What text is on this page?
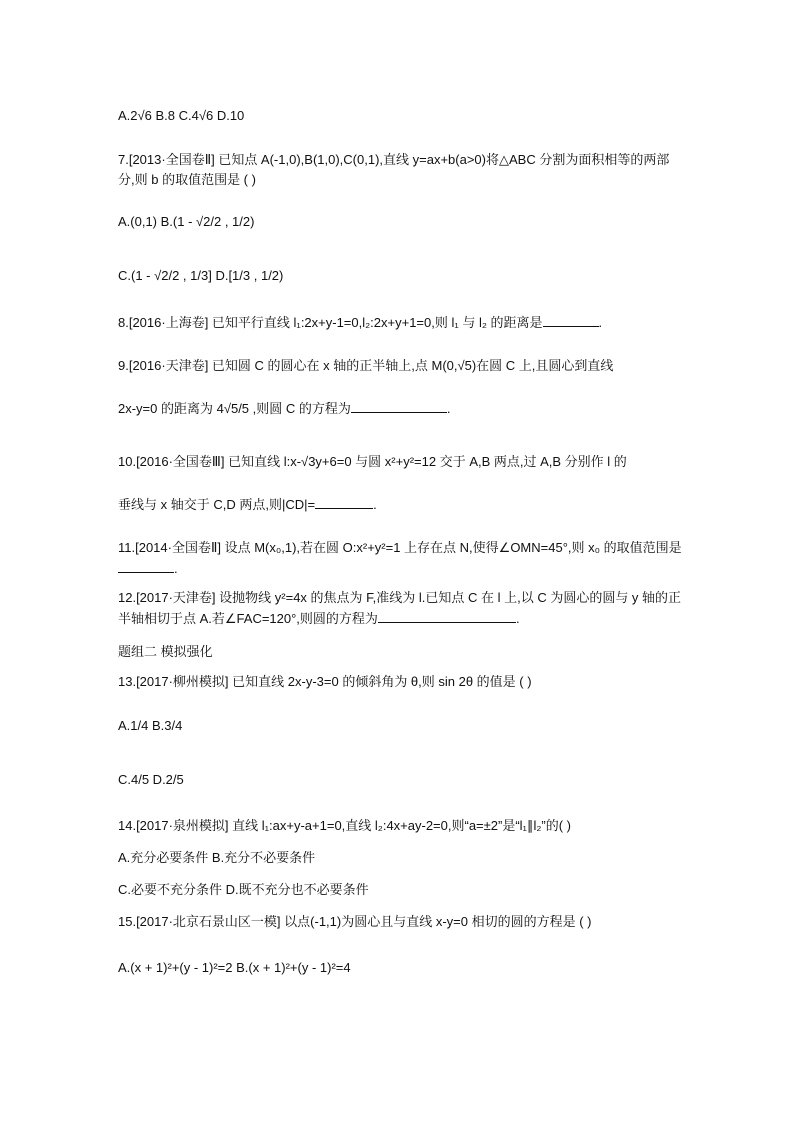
A.2√6 B.8 C.4√6 D.10
7.[2013·全国卷Ⅱ] 已知点 A(-1,0),B(1,0),C(0,1),直线 y=ax+b(a>0)将△ABC 分割为面积相等的两部分,则 b 的取值范围是 ( )
A.(0,1) B.(1 - √2/2 , 1/2)
C.(1 - √2/2 , 1/3] D.[1/3 , 1/2)
8.[2016·上海卷] 已知平行直线 l₁:2x+y-1=0,l₂:2x+y+1=0,则 l₁ 与 l₂ 的距离是	.
9.[2016·天津卷] 已知圆 C 的圆心在 x 轴的正半轴上,点 M(0,√5)在圆 C 上,且圆心到直线
2x-y=0 的距离为 4√5/5 ,则圆 C 的方程为	.
10.[2016·全国卷Ⅲ] 已知直线 l:x-√3y+6=0 与圆 x²+y²=12 交于 A,B 两点,过 A,B 分别作 l 的
垂线与 x 轴交于 C,D 两点,则|CD|=	.
11.[2014·全国卷Ⅱ] 设点 M(x₀,1),若在圆 O:x²+y²=1 上存在点 N,使得∠OMN=45°,则 x₀ 的取值范围是.
12.[2017·天津卷] 设抛物线 y²=4x 的焦点为 F,准线为 l.已知点 C 在 l 上,以 C 为圆心的圆与 y 轴的正半轴相切于点 A.若∠FAC=120°,则圆的方程为	.
题组二 模拟强化
13.[2017·柳州模拟] 已知直线 2x-y-3=0 的倾斜角为 θ,则 sin 2θ 的值是 ( )
A.1/4 B.3/4
C.4/5 D.2/5
14.[2017·泉州模拟] 直线 l₁:ax+y-a+1=0,直线 l₂:4x+ay-2=0,则“a=±2”是“l₁∥l₂”的( )
A.充分必要条件 B.充分不必要条件
C.必要不充分条件 D.既不充分也不必要条件
15.[2017·北京石景山区一模] 以点(-1,1)为圆心且与直线 x-y=0 相切的圆的方程是 ( )
A.(x + 1)²+(y - 1)²=2 B.(x + 1)²+(y - 1)²=4
